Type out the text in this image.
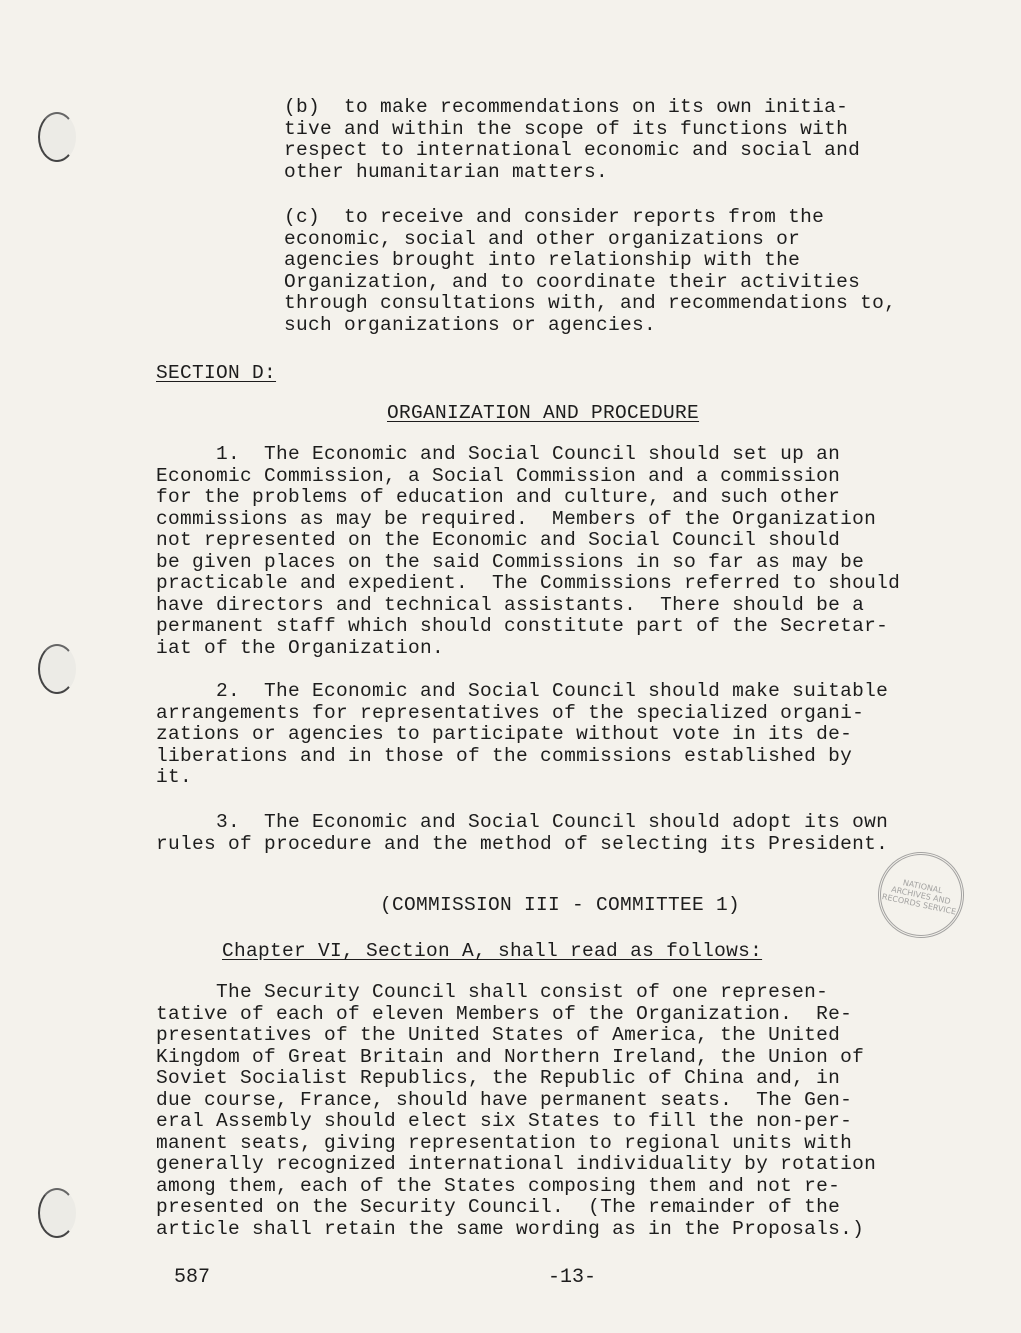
(b)  to make recommendations on its own initia-

tive and within the scope of its functions with

respect to international economic and social and

other humanitarian matters.

(c)  to receive and consider reports from the

economic, social and other organizations or

agencies brought into relationship with the

Organization, and to coordinate their activities

through consultations with, and recommendations to,

such organizations or agencies.

SECTION D:
ORGANIZATION AND PROCEDURE

1.  The Economic and Social Council should set up an

Economic Commission, a Social Commission and a commission

for the problems of education and culture, and such other

commissions as may be required.  Members of the Organization

not represented on the Economic and Social Council should

be given places on the said Commissions in so far as may be

practicable and expedient.  The Commissions referred to should

have directors and technical assistants.  There should be a

permanent staff which should constitute part of the Secretar-

iat of the Organization.

2.  The Economic and Social Council should make suitable

arrangements for representatives of the specialized organi-

zations or agencies to participate without vote in its de-

liberations and in those of the commissions established by

it.

3.  The Economic and Social Council should adopt its own

rules of procedure and the method of selecting its President.

NATIONAL ARCHIVES AND RECORDS SERVICE
(COMMISSION III - COMMITTEE 1)
Chapter VI, Section A, shall read as follows:

The Security Council shall consist of one represen-

tative of each of eleven Members of the Organization.  Re-

presentatives of the United States of America, the United

Kingdom of Great Britain and Northern Ireland, the Union of

Soviet Socialist Republics, the Republic of China and, in

due course, France, should have permanent seats.  The Gen-

eral Assembly should elect six States to fill the non-per-

manent seats, giving representation to regional units with

generally recognized international individuality by rotation

among them, each of the States composing them and not re-

presented on the Security Council.  (The remainder of the

article shall retain the same wording as in the Proposals.)

587	-13-
